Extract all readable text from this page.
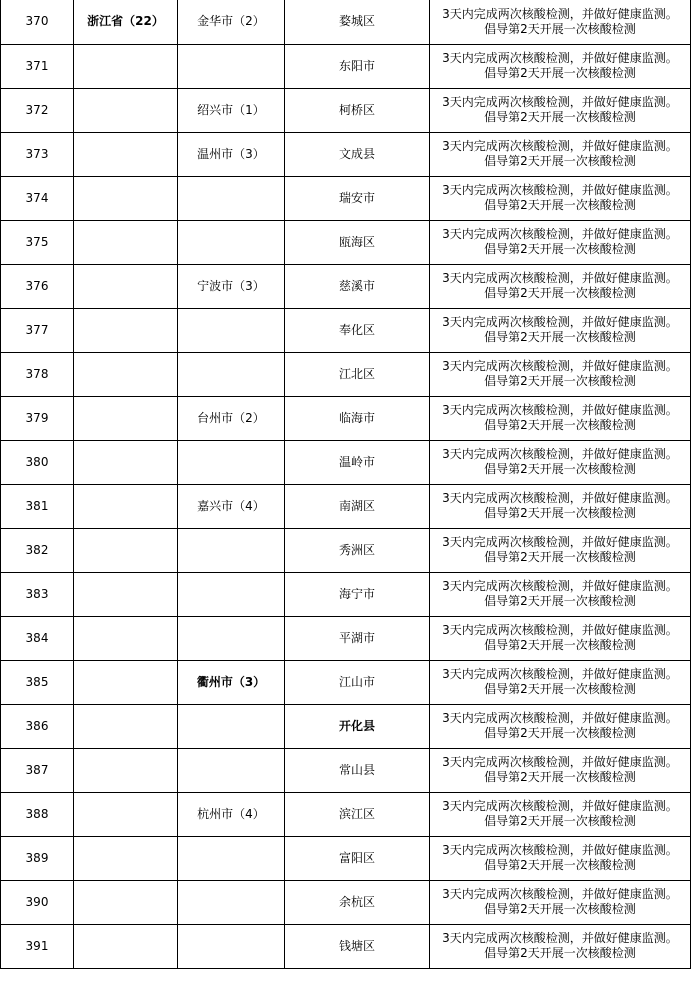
370	浙江省（22）	金华市（2）	婺城区	3天内完成两次核酸检测，并做好健康监测。
倡导第2天开展一次核酸检测

371			东阳市	3天内完成两次核酸检测，并做好健康监测。
倡导第2天开展一次核酸检测

372		绍兴市（1）	柯桥区	3天内完成两次核酸检测，并做好健康监测。
倡导第2天开展一次核酸检测

373		温州市（3）	文成县	3天内完成两次核酸检测，并做好健康监测。
倡导第2天开展一次核酸检测

374			瑞安市	3天内完成两次核酸检测，并做好健康监测。
倡导第2天开展一次核酸检测

375			瓯海区	3天内完成两次核酸检测，并做好健康监测。
倡导第2天开展一次核酸检测

376		宁波市（3）	慈溪市	3天内完成两次核酸检测，并做好健康监测。
倡导第2天开展一次核酸检测

377			奉化区	3天内完成两次核酸检测，并做好健康监测。
倡导第2天开展一次核酸检测

378			江北区	3天内完成两次核酸检测，并做好健康监测。
倡导第2天开展一次核酸检测

379		台州市（2）	临海市	3天内完成两次核酸检测，并做好健康监测。
倡导第2天开展一次核酸检测

380			温岭市	3天内完成两次核酸检测，并做好健康监测。
倡导第2天开展一次核酸检测

381		嘉兴市（4）	南湖区	3天内完成两次核酸检测，并做好健康监测。
倡导第2天开展一次核酸检测

382			秀洲区	3天内完成两次核酸检测，并做好健康监测。
倡导第2天开展一次核酸检测

383			海宁市	3天内完成两次核酸检测，并做好健康监测。
倡导第2天开展一次核酸检测

384			平湖市	3天内完成两次核酸检测，并做好健康监测。
倡导第2天开展一次核酸检测

385		衢州市（3）	江山市	3天内完成两次核酸检测，并做好健康监测。
倡导第2天开展一次核酸检测

386			开化县	3天内完成两次核酸检测，并做好健康监测。
倡导第2天开展一次核酸检测

387			常山县	3天内完成两次核酸检测，并做好健康监测。
倡导第2天开展一次核酸检测

388		杭州市（4）	滨江区	3天内完成两次核酸检测，并做好健康监测。
倡导第2天开展一次核酸检测

389			富阳区	3天内完成两次核酸检测，并做好健康监测。
倡导第2天开展一次核酸检测

390			余杭区	3天内完成两次核酸检测，并做好健康监测。
倡导第2天开展一次核酸检测

391			钱塘区	3天内完成两次核酸检测，并做好健康监测。
倡导第2天开展一次核酸检测
